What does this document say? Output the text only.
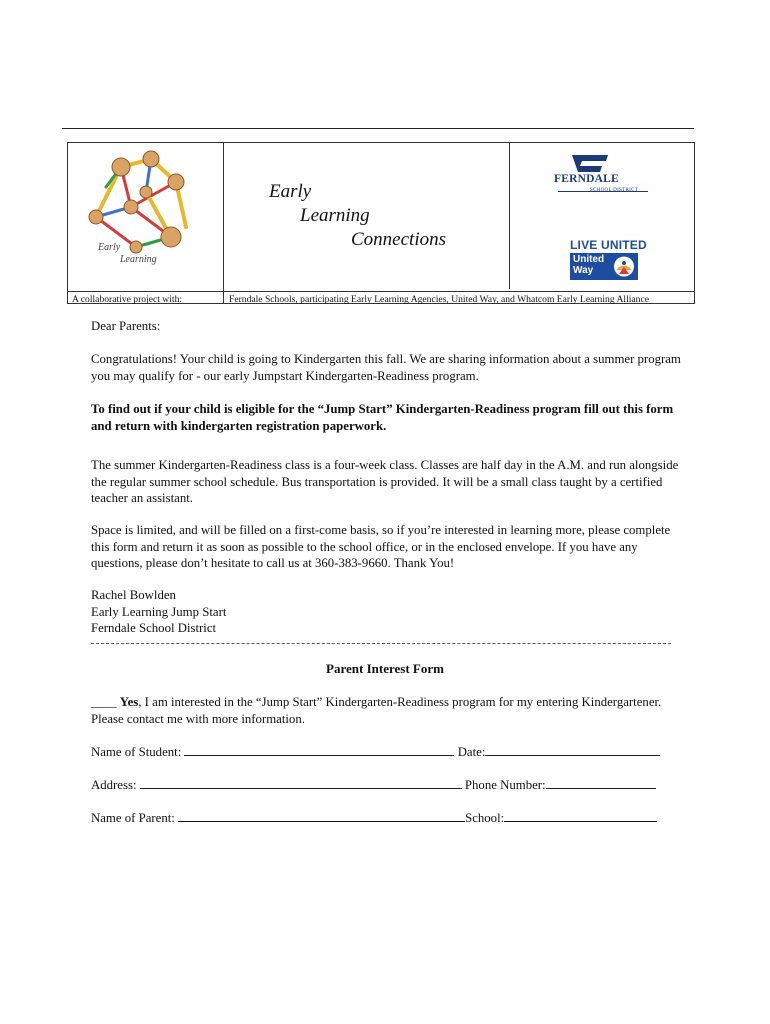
Early
Learning
Early
Learning
Connections
FERNDALE
SCHOOL DISTRICT
LIVE UNITED
United
Way
A collaborative project with:	Ferndale Schools, participating Early Learning Agencies, United Way, and Whatcom Early Learning Alliance
Dear Parents:
Congratulations! Your child is going to Kindergarten this fall. We are sharing information about a summer program you may qualify for - our early Jumpstart Kindergarten-Readiness program.
To find out if your child is eligible for the “Jump Start” Kindergarten-Readiness program fill out this form and return with kindergarten registration paperwork.
The summer Kindergarten-Readiness class is a four-week class. Classes are half day in the A.M. and run alongside the regular summer school schedule. Bus transportation is provided. It will be a small class taught by a certified teacher an assistant.
Space is limited, and will be filled on a first-come basis, so if you’re interested in learning more, please complete this form and return it as soon as possible to the school office, or in the enclosed envelope. If you have any questions, please don’t hesitate to call us at 360-383-9660. Thank You!
Rachel Bowlden
Early Learning Jump Start
Ferndale School District
Parent Interest Form
____ Yes, I am interested in the “Jump Start” Kindergarten-Readiness program for my entering Kindergartener. Please contact me with more information.
Name of Student:	Date:
Address:	Phone Number:
Name of Parent:	School:
